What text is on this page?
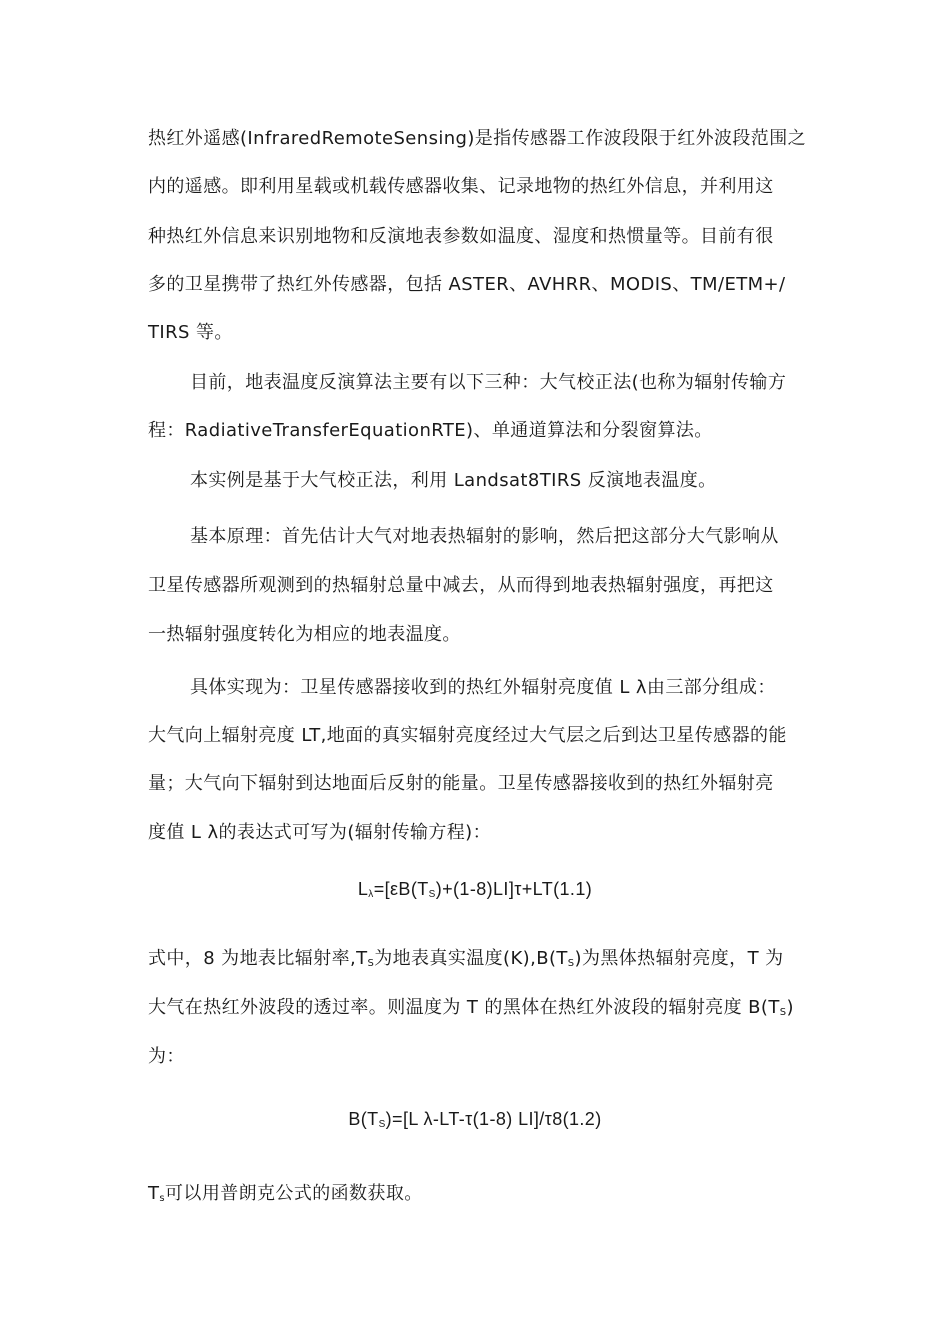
热红外遥感(InfraredRemoteSensing)是指传感器工作波段限于红外波段范围之
内的遥感。即利用星载或机载传感器收集、记录地物的热红外信息，并利用这
种热红外信息来识别地物和反演地表参数如温度、湿度和热惯量等。目前有很
多的卫星携带了热红外传感器，包括 ASTER、AVHRR、MODIS、TM/ETM+/
TIRS 等。
目前，地表温度反演算法主要有以下三种：大气校正法(也称为辐射传输方
程：RadiativeTransferEquationRTE)、单通道算法和分裂窗算法。
本实例是基于大气校正法，利用 Landsat8TIRS 反演地表温度。
基本原理：首先估计大气对地表热辐射的影响，然后把这部分大气影响从
卫星传感器所观测到的热辐射总量中减去，从而得到地表热辐射强度，再把这
一热辐射强度转化为相应的地表温度。
具体实现为：卫星传感器接收到的热红外辐射亮度值 L λ由三部分组成：
大气向上辐射亮度 LT,地面的真实辐射亮度经过大气层之后到达卫星传感器的能
量；大气向下辐射到达地面后反射的能量。卫星传感器接收到的热红外辐射亮
度值 L λ的表达式可写为(辐射传输方程)：
$L_\lambda=[\varepsilon B(T_S)+(1-8)LI]\tau+LT(1.1)$
式中，8 为地表比辐射率$,T_S$为地表真实温度$(K),B(T_S)$为黑体热辐射亮度，T 为
大气在热红外波段的透过率。则温度为 T 的黑体在热红外波段的辐射亮度 $B(T_S)$
为：
$B(T_S)=[L$ λ-LT-τ(1-8) LI]/τ8(1.2)
$T_s$可以用普朗克公式的函数获取。
